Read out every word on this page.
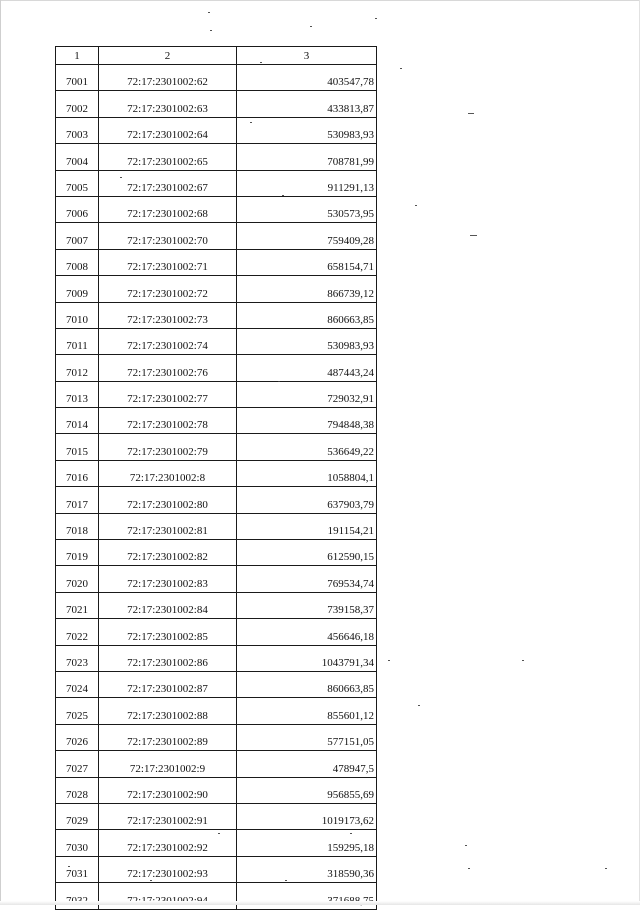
1	2	3
7001	72:17:2301002:62	403547,78
7002	72:17:2301002:63	433813,87
7003	72:17:2301002:64	530983,93
7004	72:17:2301002:65	708781,99
7005	72:17:2301002:67	911291,13
7006	72:17:2301002:68	530573,95
7007	72:17:2301002:70	759409,28
7008	72:17:2301002:71	658154,71
7009	72:17:2301002:72	866739,12
7010	72:17:2301002:73	860663,85
7011	72:17:2301002:74	530983,93
7012	72:17:2301002:76	487443,24
7013	72:17:2301002:77	729032,91
7014	72:17:2301002:78	794848,38
7015	72:17:2301002:79	536649,22
7016	72:17:2301002:8	1058804,1
7017	72:17:2301002:80	637903,79
7018	72:17:2301002:81	191154,21
7019	72:17:2301002:82	612590,15
7020	72:17:2301002:83	769534,74
7021	72:17:2301002:84	739158,37
7022	72:17:2301002:85	456646,18
7023	72:17:2301002:86	1043791,34
7024	72:17:2301002:87	860663,85
7025	72:17:2301002:88	855601,12
7026	72:17:2301002:89	577151,05
7027	72:17:2301002:9	478947,5
7028	72:17:2301002:90	956855,69
7029	72:17:2301002:91	1019173,62
7030	72:17:2301002:92	159295,18
7031	72:17:2301002:93	318590,36
